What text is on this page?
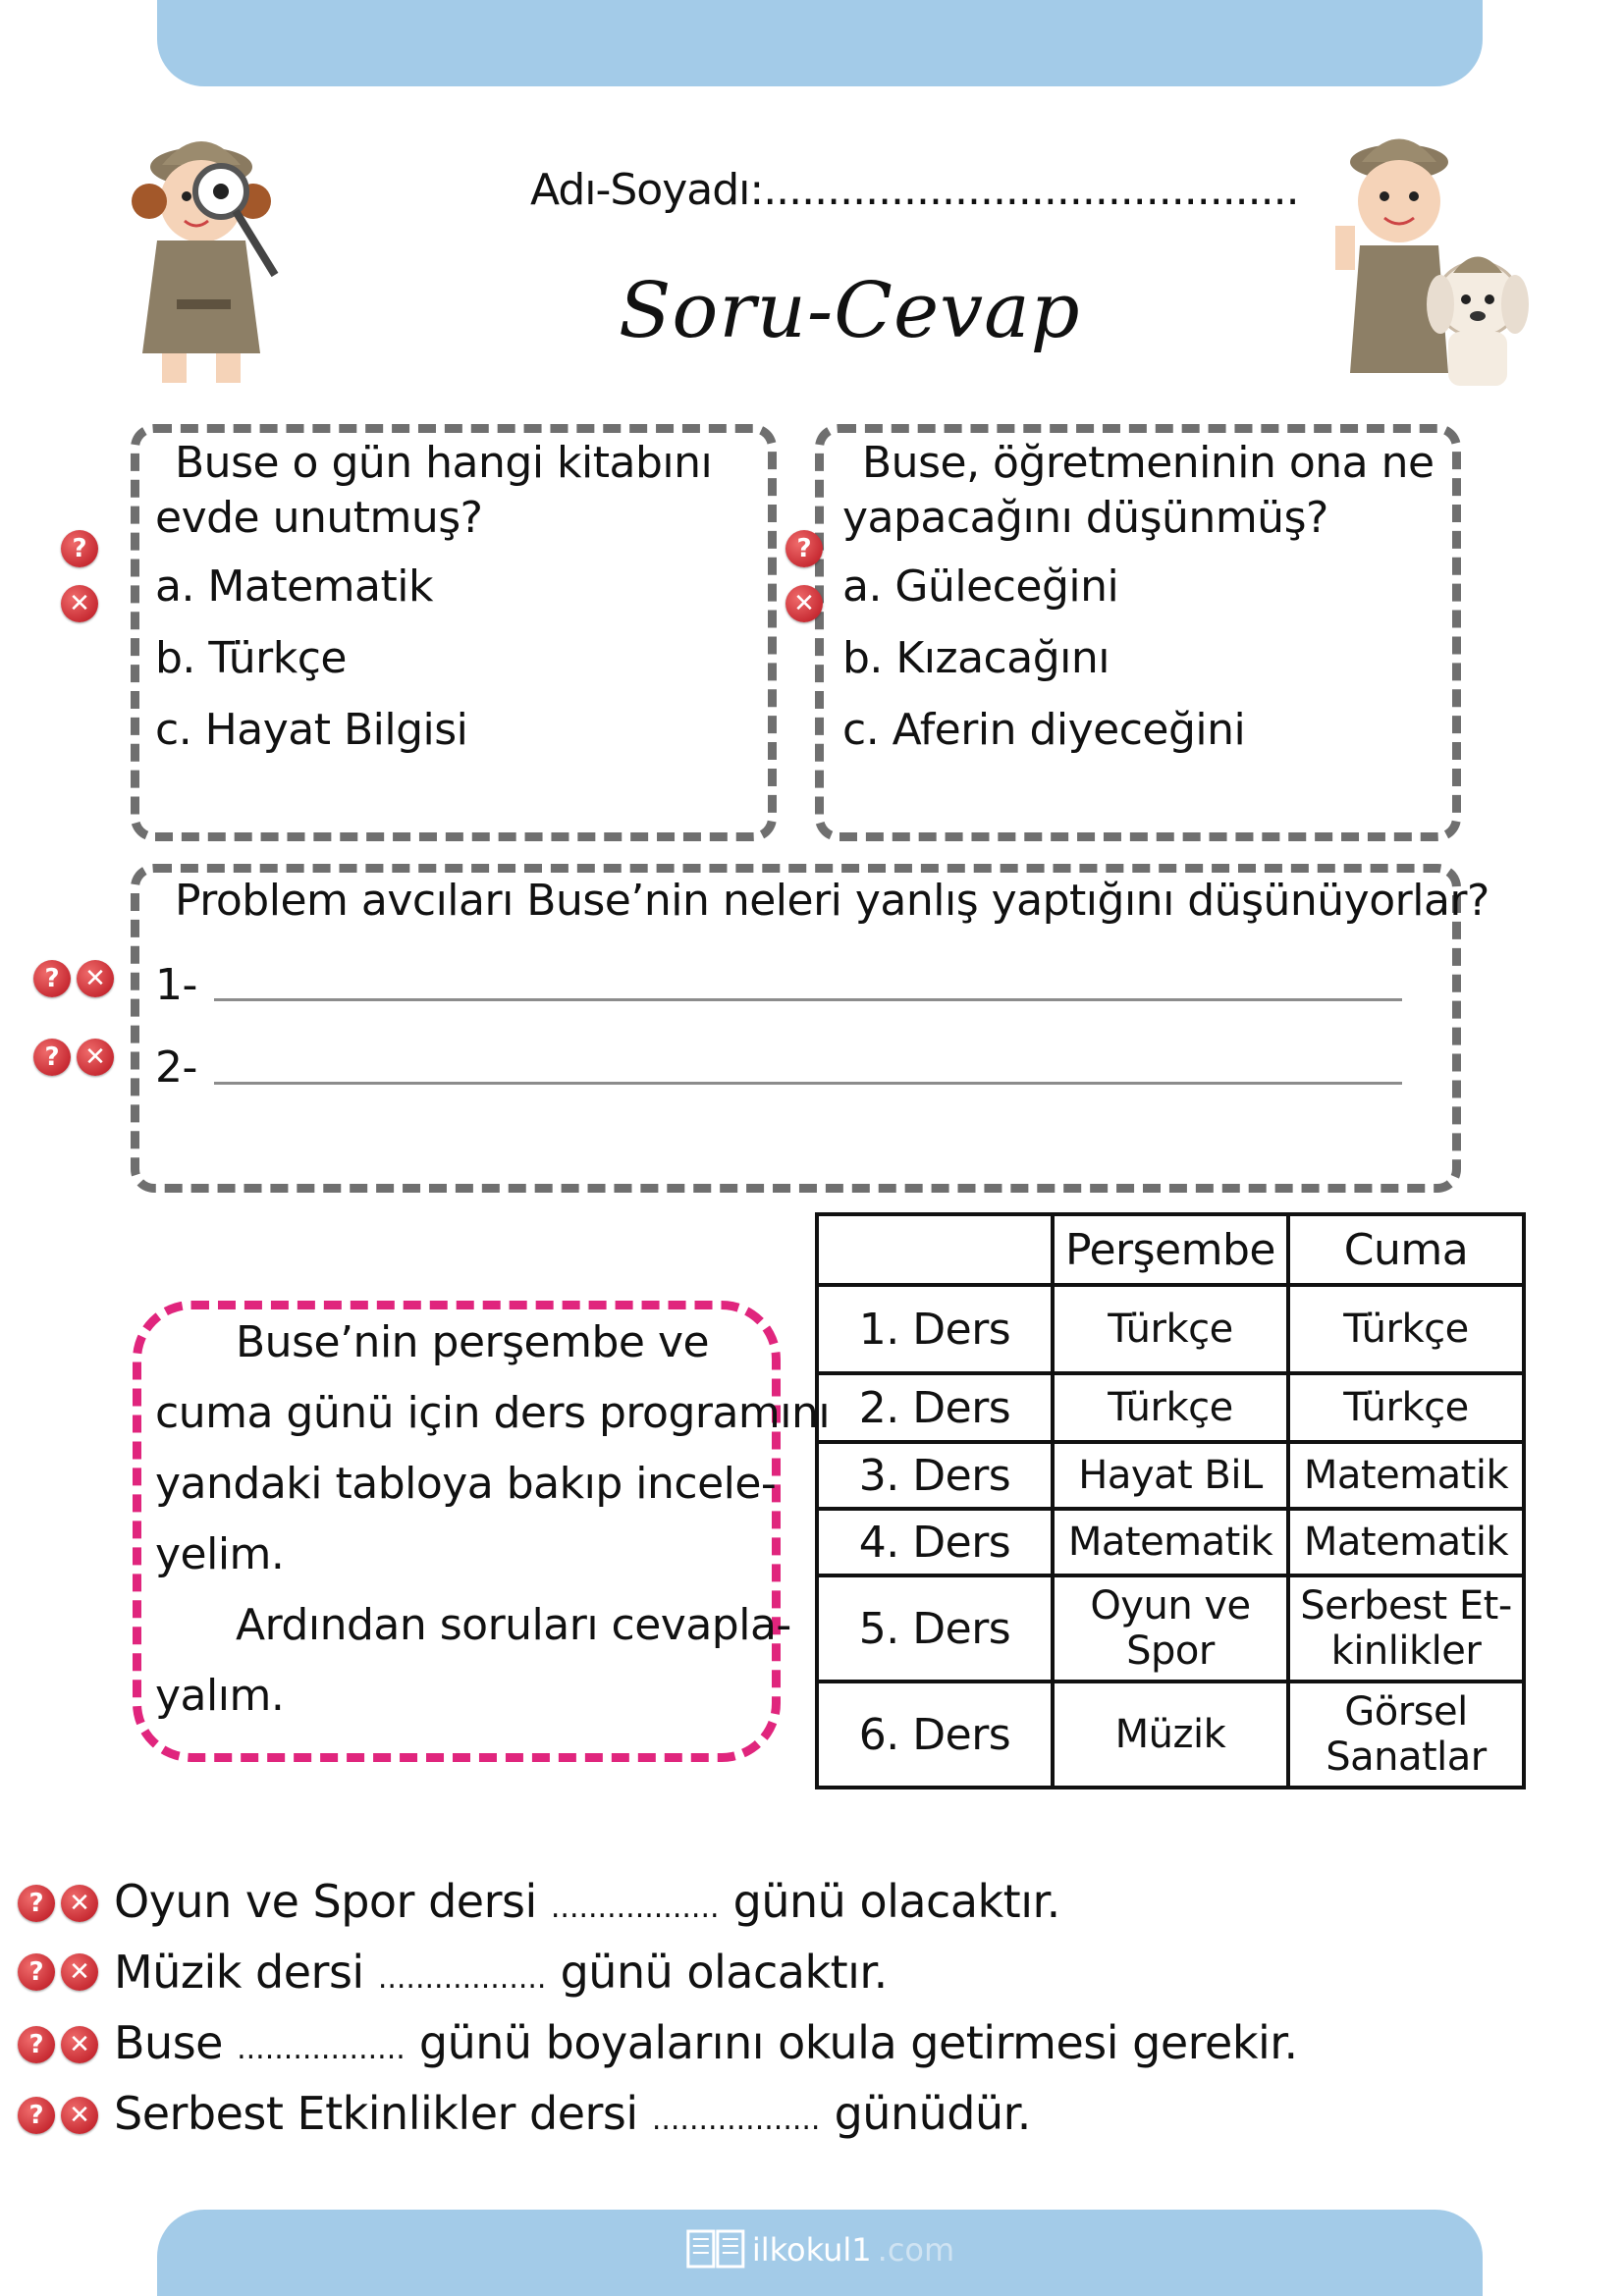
Adı-Soyadı:..........................................
Soru-Cevap
Buse o gün hangi kitabını
evde unutmuş?
a. Matematik
b. Türkçe
c. Hayat Bilgisi
?
✕
Buse, öğretmeninin ona ne
yapacağını düşünmüş?
a. Güleceğini
b. Kızacağını
c. Aferin diyeceğini
?
✕
Problem avcıları Buse’nin neleri yanlış yaptığını düşünüyorlar?
1-
2-
? ✕
? ✕
Buse’nin perşembe ve
cuma günü için ders programını
yandaki tabloya bakıp incele-
yelim.
Ardından soruları cevapla-
yalım.
	Perşembe	Cuma
1. Ders	Türkçe	Türkçe
2. Ders	Türkçe	Türkçe
3. Ders	Hayat BiL	Matematik
4. Ders	Matematik	Matematik
5. Ders	Oyun ve Spor	Serbest Et-kinlikler
6. Ders	Müzik	Görsel Sanatlar
? ✕ Oyun ve Spor dersi .................. günü olacaktır.
? ✕ Müzik dersi .................. günü olacaktır.
? ✕ Buse .................. günü boyalarını okula getirmesi gerekir.
? ✕ Serbest Etkinlikler dersi .................. günüdür.
ilkokul1 .com
